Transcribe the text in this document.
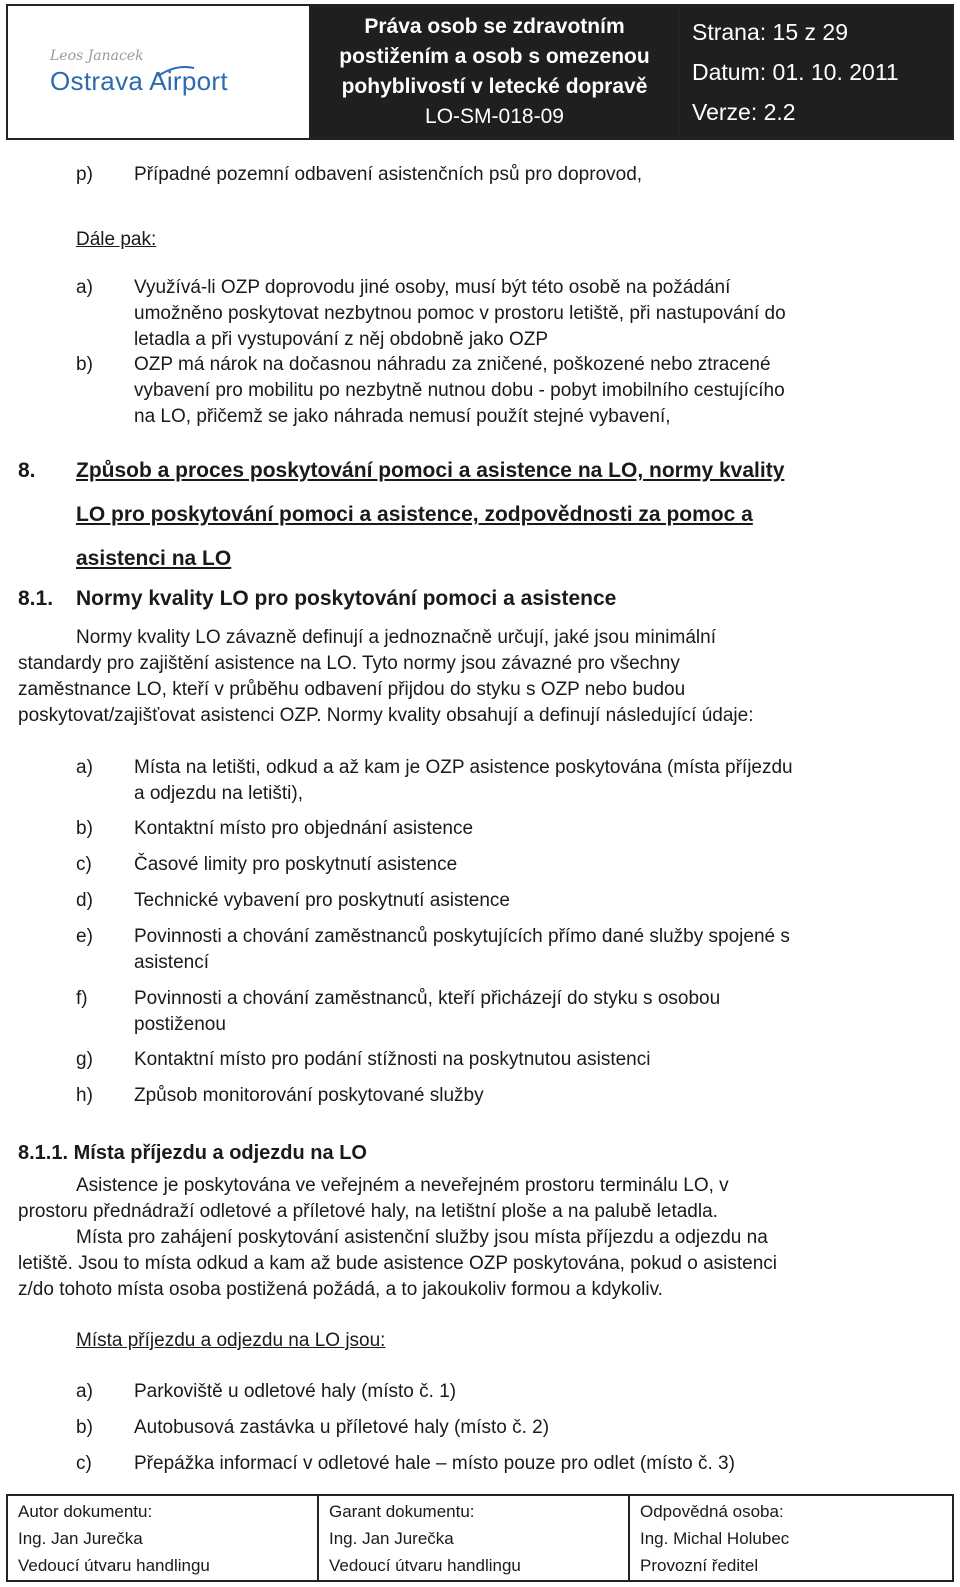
Leos Janacek
Ostrava Airport
Práva osob se zdravotním
postižením a osob s omezenou
pohyblivostí v letecké dopravě
LO-SM-018-09
Strana: 15 z 29
Datum: 01. 10. 2011
Verze: 2.2
p) Případné pozemní odbavení asistenčních psů pro doprovod,
Dále pak:
a) Využívá-li OZP doprovodu jiné osoby, musí být této osobě na požádání
umožněno poskytovat nezbytnou pomoc v prostoru letiště, při nastupování do
letadla a při vystupování z něj obdobně jako OZP
b) OZP má nárok na dočasnou náhradu za zničené, poškozené nebo ztracené
vybavení pro mobilitu po nezbytně nutnou dobu - pobyt imobilního cestujícího
na LO, přičemž se jako náhrada nemusí použít stejné vybavení,
8. Způsob a proces poskytování pomoci a asistence na LO, normy kvality
LO pro poskytování pomoci a asistence, zodpovědnosti za pomoc a
asistenci na LO
8.1. Normy kvality LO pro poskytování pomoci a asistence
Normy kvality LO závazně definují a jednoznačně určují, jaké jsou minimální
standardy pro zajištění asistence na LO. Tyto normy jsou závazné pro všechny
zaměstnance LO, kteří v průběhu odbavení přijdou do styku s OZP nebo budou
poskytovat/zajišťovat asistenci OZP. Normy kvality obsahují a definují následující údaje:
a) Místa na letišti, odkud a až kam je OZP asistence poskytována (místa příjezdu
a odjezdu na letišti),
b) Kontaktní místo pro objednání asistence
c) Časové limity pro poskytnutí asistence
d) Technické vybavení pro poskytnutí asistence
e) Povinnosti a chování zaměstnanců poskytujících přímo dané služby spojené s
asistencí
f) Povinnosti a chování zaměstnanců, kteří přicházejí do styku s osobou
postiženou
g) Kontaktní místo pro podání stížnosti na poskytnutou asistenci
h) Způsob monitorování poskytované služby
8.1.1. Místa příjezdu a odjezdu na LO
Asistence je poskytována ve veřejném a neveřejném prostoru terminálu LO, v
prostoru přednádraží odletové a příletové haly, na letištní ploše a na palubě letadla.
Místa pro zahájení poskytování asistenční služby jsou místa příjezdu a odjezdu na
letiště. Jsou to místa odkud a kam až bude asistence OZP poskytována, pokud o asistenci
z/do tohoto místa osoba postižená požádá, a to jakoukoliv formou a kdykoliv.
Místa příjezdu a odjezdu na LO jsou:
a) Parkoviště u odletové haly (místo č. 1)
b) Autobusová zastávka u příletové haly (místo č. 2)
c) Přepážka informací v odletové hale – místo pouze pro odlet (místo č. 3)
Autor dokumentu:
Ing. Jan Jurečka
Vedoucí útvaru handlingu
Garant dokumentu:
Ing. Jan Jurečka
Vedoucí útvaru handlingu
Odpovědná osoba:
Ing. Michal Holubec
Provozní ředitel
